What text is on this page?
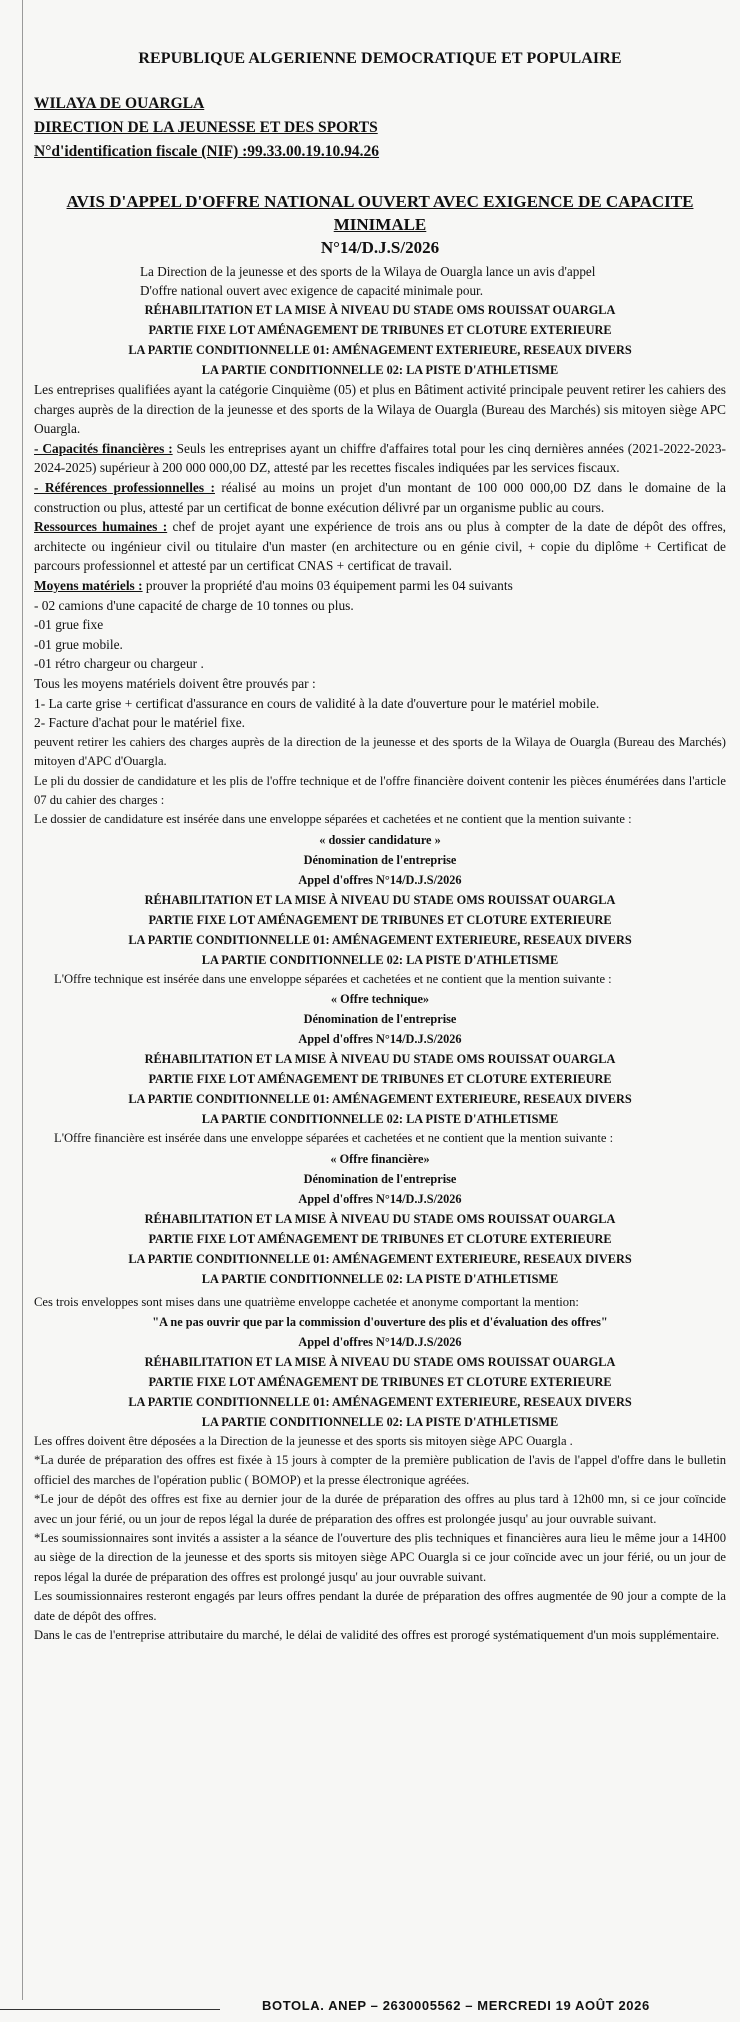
REPUBLIQUE ALGERIENNE DEMOCRATIQUE ET POPULAIRE
WILAYA DE OUARGLA
DIRECTION DE LA JEUNESSE ET DES SPORTS
N°d'identification fiscale (NIF) :99.33.00.19.10.94.26
AVIS D'APPEL D'OFFRE NATIONAL OUVERT AVEC EXIGENCE DE CAPACITE
MINIMALE
N°14/D.J.S/2026
La Direction de la jeunesse et des sports de la Wilaya de Ouargla lance un avis d'appel
D'offre national ouvert avec exigence de capacité minimale pour.
RÉHABILITATION ET LA MISE À NIVEAU DU STADE OMS ROUISSAT OUARGLA
PARTIE FIXE LOT AMÉNAGEMENT DE TRIBUNES ET CLOTURE EXTERIEURE
LA PARTIE CONDITIONNELLE 01: AMÉNAGEMENT EXTERIEURE, RESEAUX DIVERS
LA PARTIE CONDITIONNELLE 02: LA PISTE D'ATHLETISME

Les entreprises qualifiées ayant la catégorie Cinquième (05) et plus en Bâtiment activité principale peuvent retirer les cahiers des charges auprès de la direction de la jeunesse et des sports de la Wilaya de Ouargla (Bureau des Marchés) sis mitoyen siège APC Ouargla.

- Capacités financières : Seuls les entreprises ayant un chiffre d'affaires total pour les cinq dernières années (2021-2022-2023-2024-2025) supérieur à 200 000 000,00 DZ, attesté par les recettes fiscales indiquées par les services fiscaux.

- Références professionnelles : réalisé au moins un projet d'un montant de 100 000 000,00 DZ dans le domaine de la construction ou plus, attesté par un certificat de bonne exécution délivré par un organisme public au cours.

Ressources humaines : chef de projet ayant une expérience de trois ans ou plus à compter de la date de dépôt des offres, architecte ou ingénieur civil ou titulaire d'un master (en architecture ou en génie civil, + copie du diplôme + Certificat de parcours professionnel et attesté par un certificat CNAS + certificat de travail.

Moyens matériels : prouver la propriété d'au moins 03 équipement parmi les 04 suivants

- 02 camions d'une capacité de charge de 10 tonnes ou plus.
-01 grue fixe
-01 grue mobile.
-01 rétro chargeur ou chargeur .
Tous les moyens matériels doivent être prouvés par :
1- La carte grise + certificat d'assurance en cours de validité à la date d'ouverture pour le matériel mobile.
2- Facture d'achat pour le matériel fixe.

peuvent retirer les cahiers des charges auprès de la direction de la jeunesse et des sports de la Wilaya de Ouargla (Bureau des Marchés) mitoyen d'APC d'Ouargla.

Le pli du dossier de candidature et les plis de l'offre technique et de l'offre financière doivent contenir les pièces énumérées dans l'article 07 du cahier des charges :

Le dossier de candidature est insérée dans une enveloppe séparées et cachetées et ne contient que la mention suivante :

« dossier candidature »
Dénomination de l'entreprise
Appel d'offres N°14/D.J.S/2026
RÉHABILITATION ET LA MISE À NIVEAU DU STADE OMS ROUISSAT OUARGLA
PARTIE FIXE LOT AMÉNAGEMENT DE TRIBUNES ET CLOTURE EXTERIEURE
LA PARTIE CONDITIONNELLE 01: AMÉNAGEMENT EXTERIEURE, RESEAUX DIVERS
LA PARTIE CONDITIONNELLE 02: LA PISTE D'ATHLETISME
L'Offre technique est insérée dans une enveloppe séparées et cachetées et ne contient que la mention suivante :
« Offre technique»
Dénomination de l'entreprise
Appel d'offres N°14/D.J.S/2026
RÉHABILITATION ET LA MISE À NIVEAU DU STADE OMS ROUISSAT OUARGLA
PARTIE FIXE LOT AMÉNAGEMENT DE TRIBUNES ET CLOTURE EXTERIEURE
LA PARTIE CONDITIONNELLE 01: AMÉNAGEMENT EXTERIEURE, RESEAUX DIVERS
LA PARTIE CONDITIONNELLE 02: LA PISTE D'ATHLETISME
L'Offre financière est insérée dans une enveloppe séparées et cachetées et ne contient que la mention suivante :
« Offre financière»
Dénomination de l'entreprise
Appel d'offres N°14/D.J.S/2026
RÉHABILITATION ET LA MISE À NIVEAU DU STADE OMS ROUISSAT OUARGLA
PARTIE FIXE LOT AMÉNAGEMENT DE TRIBUNES ET CLOTURE EXTERIEURE
LA PARTIE CONDITIONNELLE 01: AMÉNAGEMENT EXTERIEURE, RESEAUX DIVERS
LA PARTIE CONDITIONNELLE 02: LA PISTE D'ATHLETISME
Ces trois enveloppes sont mises dans une quatrième enveloppe cachetée et anonyme comportant la mention:
"A ne pas ouvrir que par la commission d'ouverture des plis et d'évaluation des offres"
Appel d'offres N°14/D.J.S/2026
RÉHABILITATION ET LA MISE À NIVEAU DU STADE OMS ROUISSAT OUARGLA
PARTIE FIXE LOT AMÉNAGEMENT DE TRIBUNES ET CLOTURE EXTERIEURE
LA PARTIE CONDITIONNELLE 01: AMÉNAGEMENT EXTERIEURE, RESEAUX DIVERS
LA PARTIE CONDITIONNELLE 02: LA PISTE D'ATHLETISME

Les offres doivent être déposées a la Direction de la jeunesse et des sports sis mitoyen siège APC Ouargla .

*La durée de préparation des offres est fixée à 15 jours à compter de la première publication de l'avis de l'appel d'offre dans le bulletin officiel des marches de l'opération public ( BOMOP) et la presse électronique agréées.

*Le jour de dépôt des offres est fixe au dernier jour de la durée de préparation des offres au plus tard à 12h00 mn, si ce jour coïncide avec un jour férié, ou un jour de repos légal la durée de préparation des offres est prolongée jusqu' au jour ouvrable suivant.

*Les soumissionnaires sont invités a assister a la séance de l'ouverture des plis techniques et financières aura lieu le même jour a 14H00 au siège de la direction de la jeunesse et des sports sis mitoyen siège APC Ouargla si ce jour coïncide avec un jour férié, ou un jour de repos légal la durée de préparation des offres est prolongé jusqu' au jour ouvrable suivant.

Les soumissionnaires resteront engagés par leurs offres pendant la durée de préparation des offres augmentée de 90 jour a compte de la date de dépôt des offres.

Dans le cas de l'entreprise attributaire du marché, le délai de validité des offres est prorogé systématiquement d'un mois supplémentaire.

BOTOLA. ANEP – 2630005562 – MERCREDI 19 AOÛT 2026
